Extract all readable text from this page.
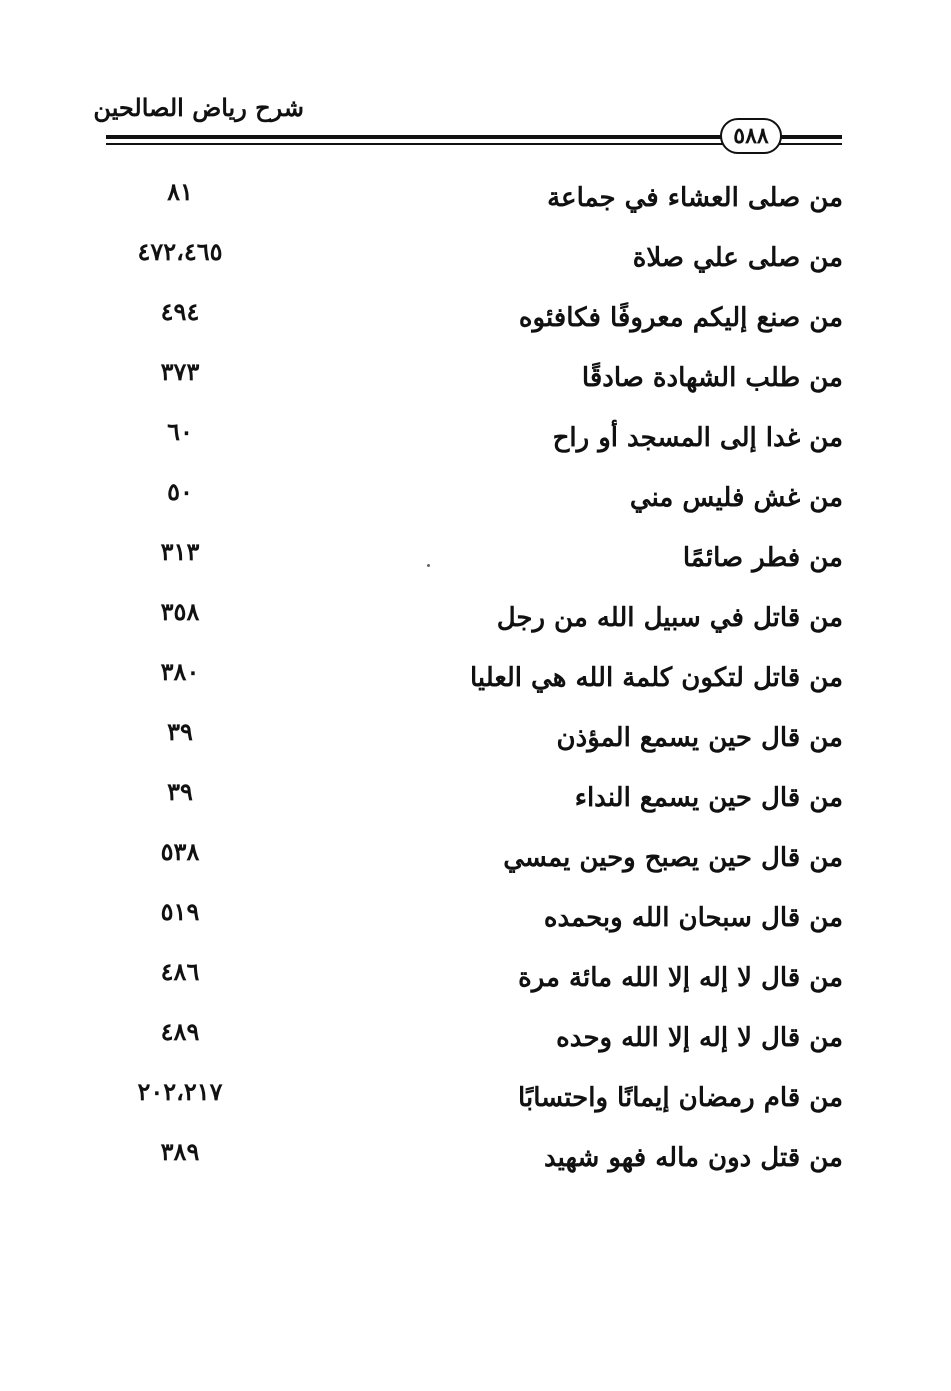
شرح رياض الصالحين
٥٨٨
من صلى العشاء في جماعة
٨١
من صلى علي صلاة
٤٧٢،٤٦٥
من صنع إليكم معروفًا فكافئوه
٤٩٤
من طلب الشهادة صادقًا
٣٧٣
من غدا إلى المسجد أو راح
٦٠
من غش فليس مني
٥٠
من فطر صائمًا
٣١٣
من قاتل في سبيل الله من رجل
٣٥٨
من قاتل لتكون كلمة الله هي العليا
٣٨٠
من قال حين يسمع المؤذن
٣٩
من قال حين يسمع النداء
٣٩
من قال حين يصبح وحين يمسي
٥٣٨
من قال سبحان الله وبحمده
٥١٩
من قال لا إله إلا الله مائة مرة
٤٨٦
من قال لا إله إلا الله وحده
٤٨٩
من قام رمضان إيمانًا واحتسابًا
٢٠٢،٢١٧
من قتل دون ماله فهو شهيد
٣٨٩
